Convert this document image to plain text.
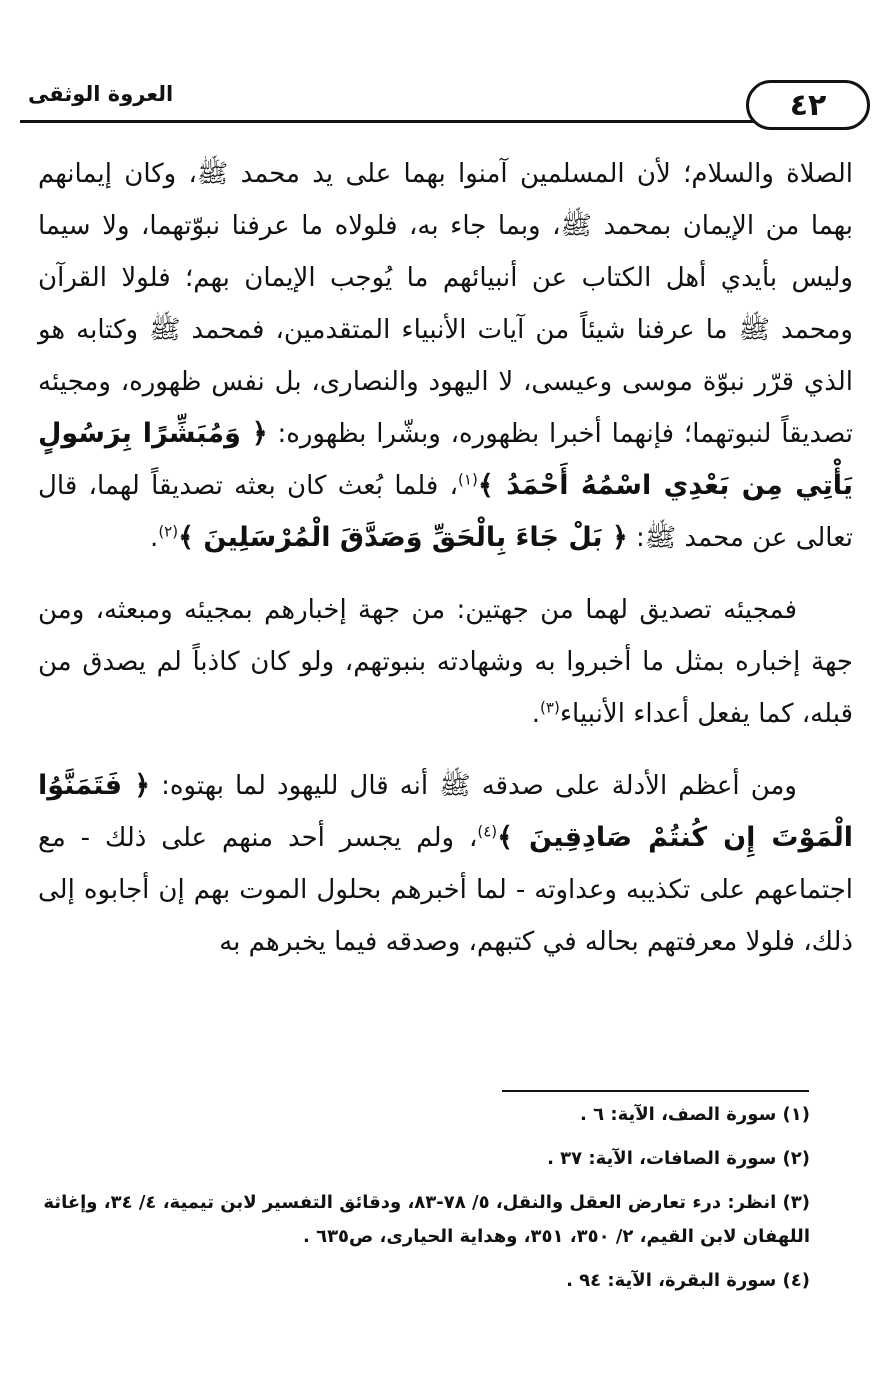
العروة الوثقى	٤٢

الصلاة والسلام؛ لأن المسلمين آمنوا بهما على يد محمد ﷺ، وكان إيمانهم بهما من الإيمان بمحمد ﷺ، وبما جاء به، فلولاه ما عرفنا نبوّتهما، ولا سيما وليس بأيدي أهل الكتاب عن أنبيائهم ما يُوجب الإيمان بهم؛ فلولا القرآن ومحمد ﷺ ما عرفنا شيئاً من آيات الأنبياء المتقدمين، فمحمد ﷺ وكتابه هو الذي قرّر نبوّة موسى وعيسى، لا اليهود والنصارى، بل نفس ظهوره، ومجيئه تصديقاً لنبوتهما؛ فإنهما أخبرا بظهوره، وبشّرا بظهوره: ﴿ وَمُبَشِّرًا بِرَسُولٍ يَأْتِي مِن بَعْدِي اسْمُهُ أَحْمَدُ ﴾$^{(١)}$، فلما بُعث كان بعثه تصديقاً لهما، قال تعالى عن محمد ﷺ: ﴿ بَلْ جَاءَ بِالْحَقِّ وَصَدَّقَ الْمُرْسَلِينَ ﴾$^{(٢)}$.

فمجيئه تصديق لهما من جهتين: من جهة إخبارهم بمجيئه ومبعثه، ومن جهة إخباره بمثل ما أخبروا به وشهادته بنبوتهم، ولو كان كاذباً لم يصدق من قبله، كما يفعل أعداء الأنبياء$^{(٣)}$.

ومن أعظم الأدلة على صدقه ﷺ أنه قال لليهود لما بهتوه: ﴿ فَتَمَنَّوُا الْمَوْتَ إِن كُنتُمْ صَادِقِينَ ﴾$^{(٤)}$، ولم يجسر أحد منهم على ذلك - مع اجتماعهم على تكذيبه وعداوته - لما أخبرهم بحلول الموت بهم إن أجابوه إلى ذلك، فلولا معرفتهم بحاله في كتبهم، وصدقه فيما يخبرهم به

(١) سورة الصف، الآية: ٦ .

(٢) سورة الصافات، الآية: ٣٧ .

(٣) انظر: درء تعارض العقل والنقل، ٥/ ٧٨-٨٣، ودقائق التفسير لابن تيمية، ٤/ ٣٤، وإغاثة اللهفان لابن القيم، ٢/ ٣٥٠، ٣٥١، وهداية الحيارى، ص٦٣٥ .

(٤) سورة البقرة، الآية: ٩٤ .
